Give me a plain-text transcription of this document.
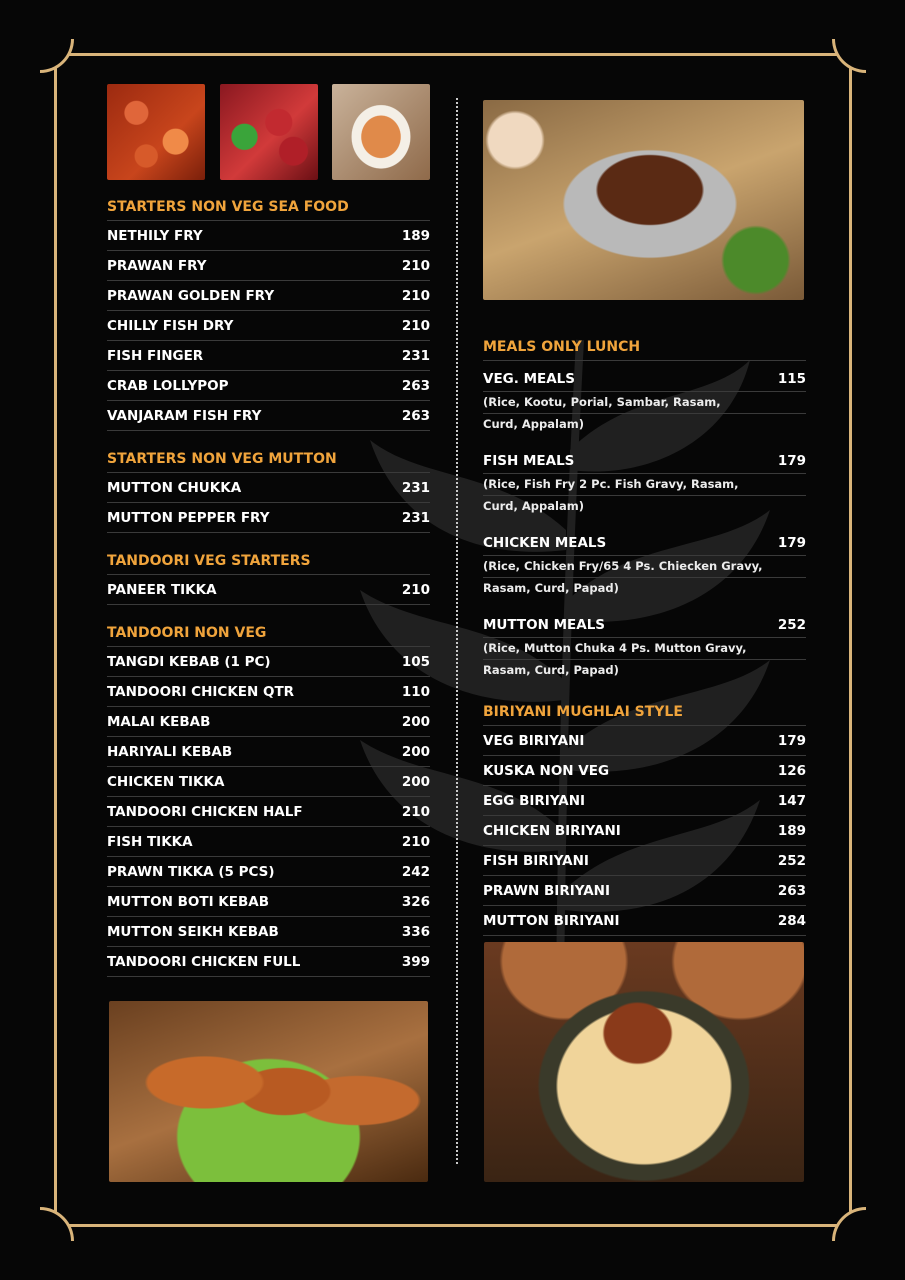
STARTERS NON VEG SEA FOOD
NETHILY FRY	189
PRAWAN FRY	210
PRAWAN GOLDEN FRY	210
CHILLY FISH DRY	210
FISH FINGER	231
CRAB LOLLYPOP	263
VANJARAM FISH FRY	263
STARTERS NON VEG MUTTON
MUTTON CHUKKA	231
MUTTON PEPPER FRY	231
TANDOORI VEG STARTERS
PANEER TIKKA	210
TANDOORI NON VEG
TANGDI KEBAB (1 PC)	105
TANDOORI CHICKEN QTR	110
MALAI KEBAB	200
HARIYALI KEBAB	200
CHICKEN TIKKA	200
TANDOORI CHICKEN HALF	210
FISH TIKKA	210
PRAWN TIKKA (5 PCS)	242
MUTTON BOTI KEBAB	326
MUTTON SEIKH KEBAB	336
TANDOORI CHICKEN FULL	399
MEALS ONLY LUNCH
VEG. MEALS	115
(Rice, Kootu, Porial, Sambar, Rasam,
Curd, Appalam)
FISH MEALS	179
(Rice, Fish Fry 2 Pc. Fish Gravy, Rasam,
Curd, Appalam)
CHICKEN MEALS	179
(Rice, Chicken Fry/65 4 Ps. Chiecken Gravy,
Rasam, Curd, Papad)
MUTTON MEALS	252
(Rice, Mutton Chuka 4 Ps. Mutton Gravy,
Rasam, Curd, Papad)
BIRIYANI MUGHLAI STYLE
VEG BIRIYANI	179
KUSKA NON VEG	126
EGG BIRIYANI	147
CHICKEN BIRIYANI	189
FISH BIRIYANI	252
PRAWN BIRIYANI	263
MUTTON BIRIYANI	284
